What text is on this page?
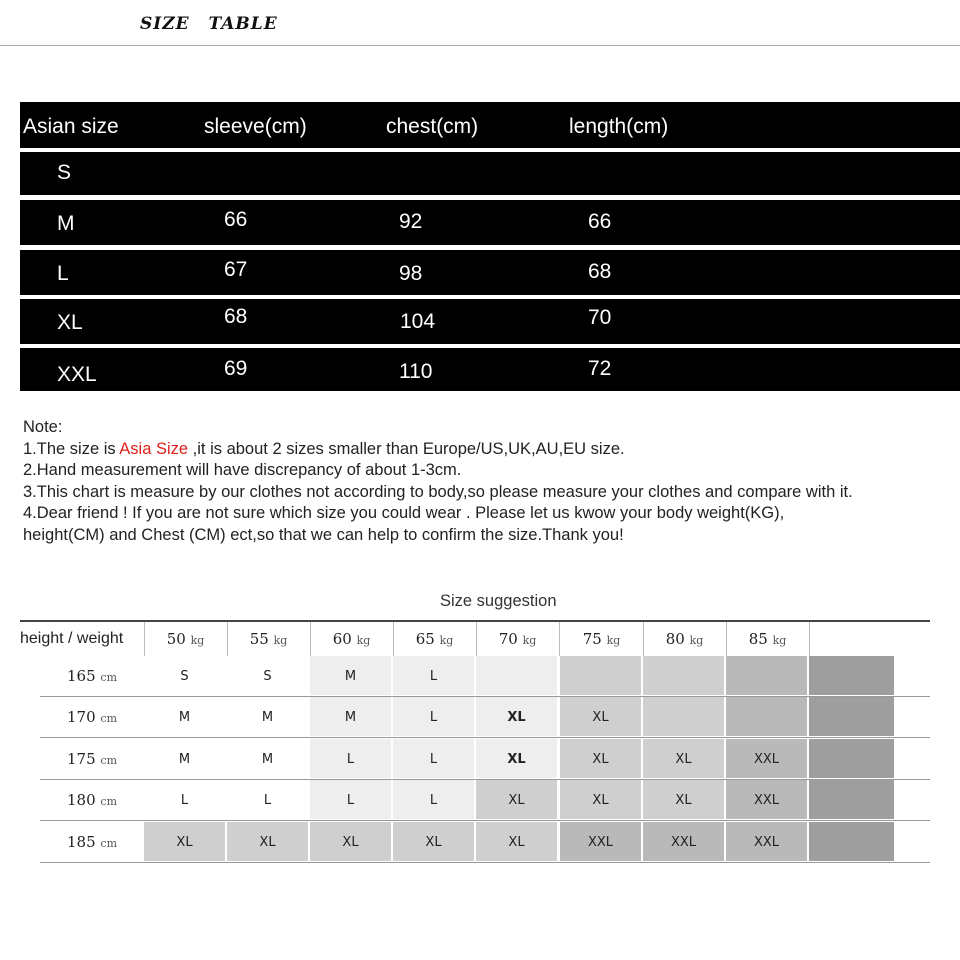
SIZE TABLE
Asian size	sleeve(cm)	chest(cm)	length(cm)
S
M	66	92	66
L	67	98	68
XL	68	104	70
XXL	69	110	72

Note:

1.The size is Asia Size ,it is about 2 sizes smaller than Europe/US,UK,AU,EU size.

2.Hand measurement will have discrepancy of about 1-3cm.

3.This chart is measure by our clothes not according to body,so please measure your clothes and compare with it.

4.Dear friend ! If you are not sure which size you could wear . Please let us kwow your body weight(KG),

height(CM) and Chest (CM) ect,so that we can help to confirm the size.Thank you!

Size suggestion
height / weight	50 kg	55 kg	60 kg	65 kg	70 kg	75 kg	80 kg	85 kg
165 cm	S	S	M	L
170 cm	M	M	M	L	XL	XL
175 cm	M	M	L	L	XL	XL	XL	XXL
180 cm	L	L	L	L	XL	XL	XL	XXL
185 cm	XL	XL	XL	XL	XL	XXL	XXL	XXL
